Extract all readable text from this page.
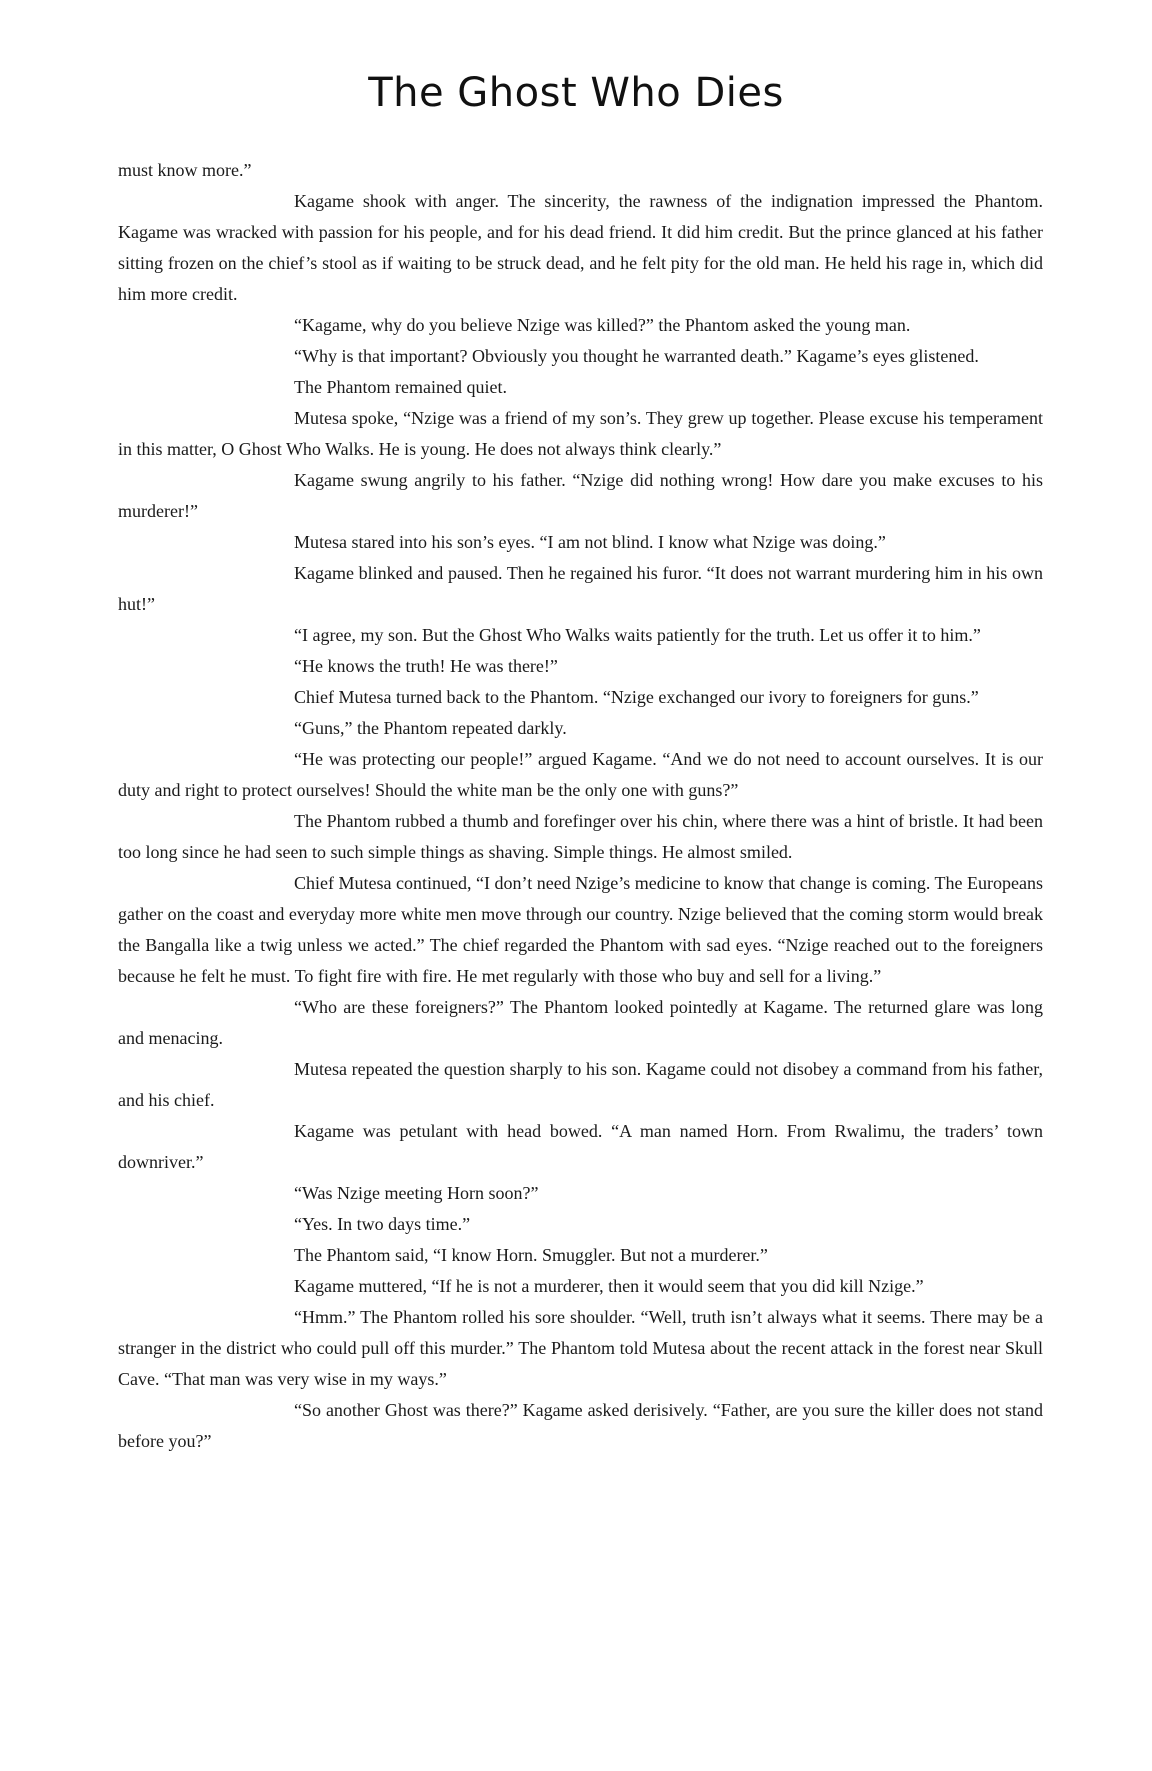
The Ghost Who Dies

must know more.”

Kagame shook with anger. The sincerity, the rawness of the indignation impressed the Phantom. Kagame was wracked with passion for his people, and for his dead friend. It did him credit. But the prince glanced at his father sitting frozen on the chief’s stool as if waiting to be struck dead, and he felt pity for the old man. He held his rage in, which did him more credit.

“Kagame, why do you believe Nzige was killed?” the Phantom asked the young man.

“Why is that important? Obviously you thought he warranted death.” Kagame’s eyes glistened.

The Phantom remained quiet.

Mutesa spoke, “Nzige was a friend of my son’s. They grew up together. Please excuse his temperament in this matter, O Ghost Who Walks. He is young. He does not always think clearly.”

Kagame swung angrily to his father. “Nzige did nothing wrong! How dare you make excuses to his murderer!”

Mutesa stared into his son’s eyes. “I am not blind. I know what Nzige was doing.”

Kagame blinked and paused. Then he regained his furor. “It does not warrant murdering him in his own hut!”

“I agree, my son. But the Ghost Who Walks waits patiently for the truth. Let us offer it to him.”

“He knows the truth! He was there!”

Chief Mutesa turned back to the Phantom. “Nzige exchanged our ivory to foreigners for guns.”

“Guns,” the Phantom repeated darkly.

“He was protecting our people!” argued Kagame. “And we do not need to account ourselves. It is our duty and right to protect ourselves! Should the white man be the only one with guns?”

The Phantom rubbed a thumb and forefinger over his chin, where there was a hint of bristle. It had been too long since he had seen to such simple things as shaving. Simple things. He almost smiled.

Chief Mutesa continued, “I don’t need Nzige’s medicine to know that change is coming. The Europeans gather on the coast and everyday more white men move through our country. Nzige believed that the coming storm would break the Bangalla like a twig unless we acted.” The chief regarded the Phantom with sad eyes. “Nzige reached out to the foreigners because he felt he must. To fight fire with fire. He met regularly with those who buy and sell for a living.”

“Who are these foreigners?” The Phantom looked pointedly at Kagame. The returned glare was long and menacing.

Mutesa repeated the question sharply to his son. Kagame could not disobey a command from his father, and his chief.

Kagame was petulant with head bowed. “A man named Horn. From Rwalimu, the traders’ town downriver.”

“Was Nzige meeting Horn soon?”

“Yes. In two days time.”

The Phantom said, “I know Horn. Smuggler. But not a murderer.”

Kagame muttered, “If he is not a murderer, then it would seem that you did kill Nzige.”

“Hmm.” The Phantom rolled his sore shoulder. “Well, truth isn’t always what it seems. There may be a stranger in the district who could pull off this murder.” The Phantom told Mutesa about the recent attack in the forest near Skull Cave. “That man was very wise in my ways.”

“So another Ghost was there?” Kagame asked derisively. “Father, are you sure the killer does not stand before you?”
